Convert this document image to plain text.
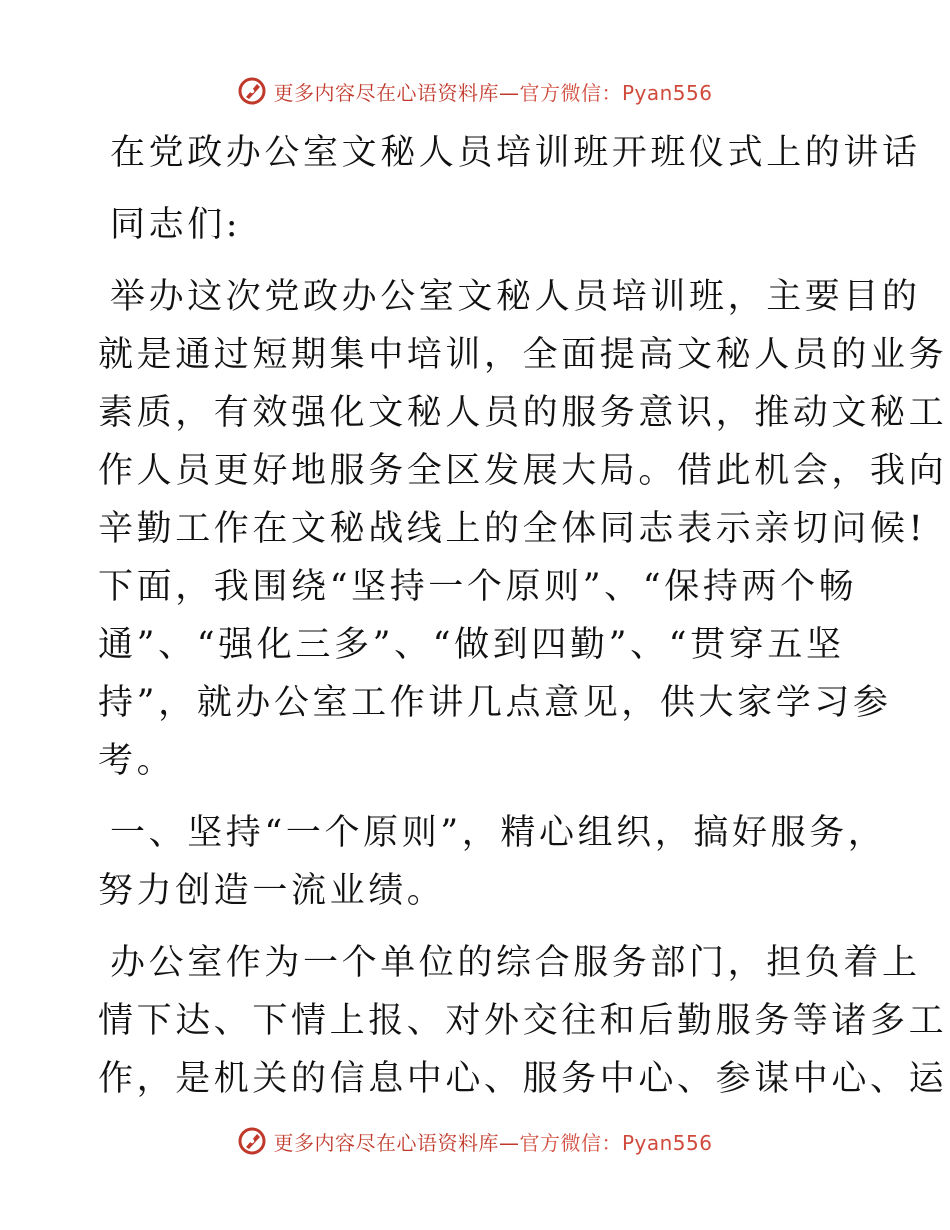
更多内容尽在心语资料库—官方微信：Pyan556
在党政办公室文秘人员培训班开班仪式上的讲话
同志们:
举办这次党政办公室文秘人员培训班，主要目的
就是通过短期集中培训，全面提高文秘人员的业务
素质，有效强化文秘人员的服务意识，推动文秘工
作人员更好地服务全区发展大局。借此机会，我向
辛勤工作在文秘战线上的全体同志表示亲切问候!
下面，我围绕“坚持一个原则”、“保持两个畅
通”、“强化三多”、“做到四勤”、“贯穿五坚
持”，就办公室工作讲几点意见，供大家学习参
考。
一、坚持“一个原则”，精心组织，搞好服务，
努力创造一流业绩。
办公室作为一个单位的综合服务部门，担负着上
情下达、下情上报、对外交往和后勤服务等诸多工
作，是机关的信息中心、服务中心、参谋中心、运
更多内容尽在心语资料库—官方微信：Pyan556
